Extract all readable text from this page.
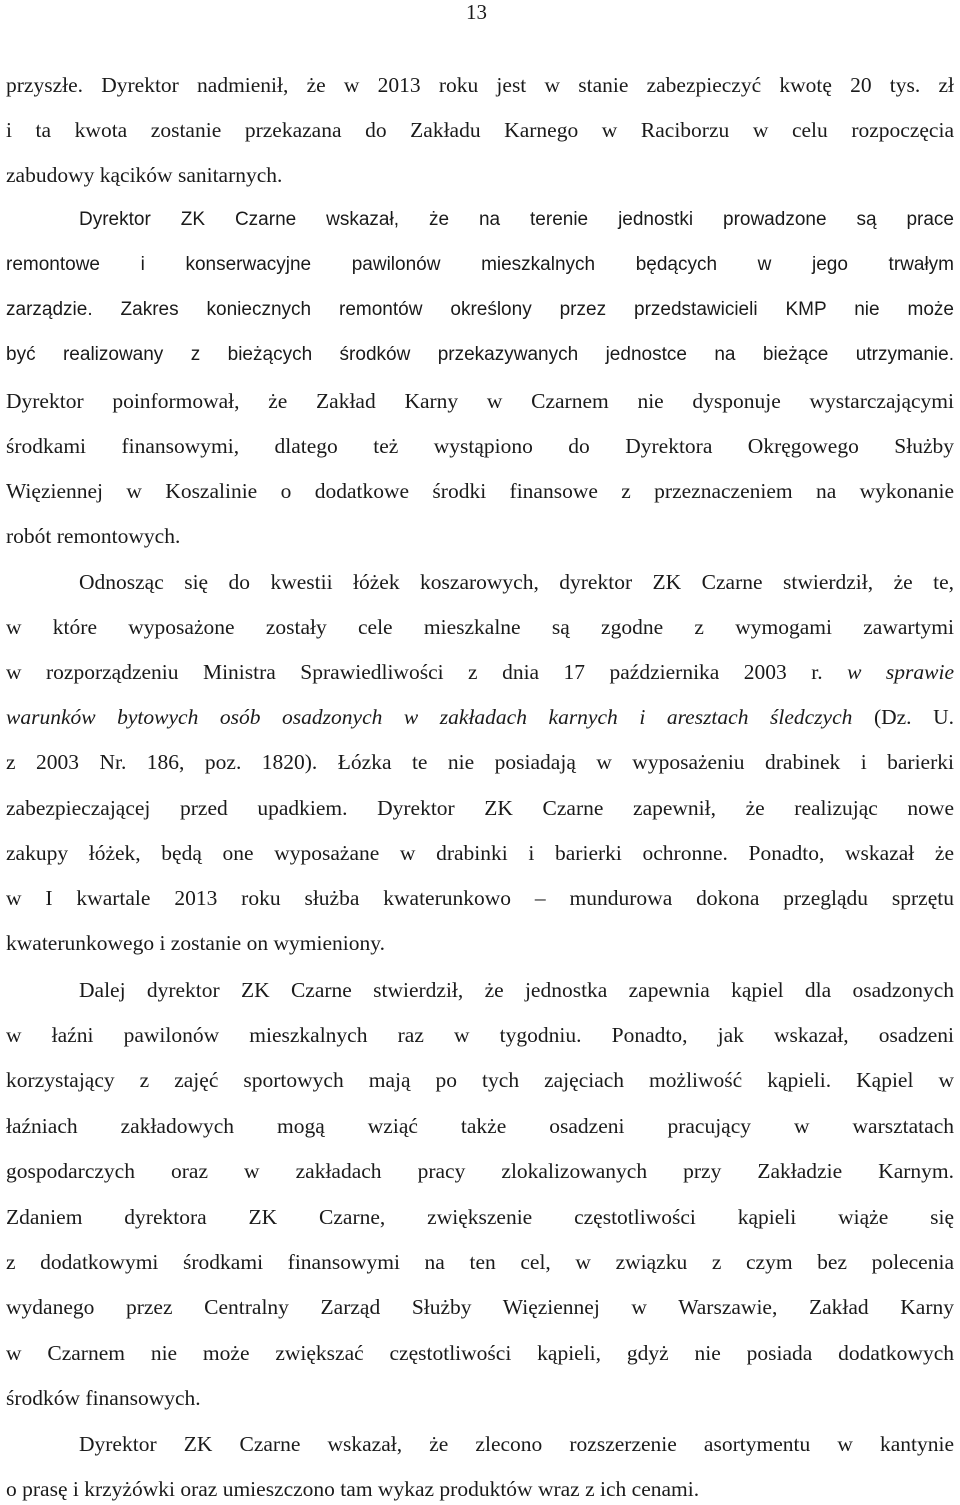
13
przyszłe. Dyrektor nadmienił, że w 2013 roku jest w stanie zabezpieczyć kwotę 20 tys. zł
i ta kwota zostanie przekazana do Zakładu Karnego w Raciborzu w celu rozpoczęcia
zabudowy kącików sanitarnych.
Dyrektor ZK Czarne wskazał, że na terenie jednostki prowadzone są prace
remontowe i konserwacyjne pawilonów mieszkalnych będących w jego trwałym
zarządzie. Zakres koniecznych remontów określony przez przedstawicieli KMP nie może
być realizowany z bieżących środków przekazywanych jednostce na bieżące utrzymanie.
Dyrektor poinformował, że Zakład Karny w Czarnem nie dysponuje wystarczającymi
środkami finansowymi, dlatego też wystąpiono do Dyrektora Okręgowego Służby
Więziennej w Koszalinie o dodatkowe środki finansowe z przeznaczeniem na wykonanie
robót remontowych.
Odnosząc się do kwestii łóżek koszarowych, dyrektor ZK Czarne stwierdził, że te,
w które wyposażone zostały cele mieszkalne są zgodne z wymogami zawartymi
w rozporządzeniu Ministra Sprawiedliwości z dnia 17 października 2003 r. w sprawie
warunków bytowych osób osadzonych w zakładach karnych i aresztach śledczych (Dz. U.
z 2003 Nr. 186, poz. 1820). Łózka te nie posiadają w wyposażeniu drabinek i barierki
zabezpieczającej przed upadkiem. Dyrektor ZK Czarne zapewnił, że realizując nowe
zakupy łóżek, będą one wyposażane w drabinki i barierki ochronne. Ponadto, wskazał że
w I kwartale 2013 roku służba kwaterunkowo – mundurowa dokona przeglądu sprzętu
kwaterunkowego i zostanie on wymieniony.
Dalej dyrektor ZK Czarne stwierdził, że jednostka zapewnia kąpiel dla osadzonych
w łaźni pawilonów mieszkalnych raz w tygodniu. Ponadto, jak wskazał, osadzeni
korzystający z zajęć sportowych mają po tych zajęciach możliwość kąpieli. Kąpiel w
łaźniach zakładowych mogą wziąć także osadzeni pracujący w warsztatach
gospodarczych oraz w zakładach pracy zlokalizowanych przy Zakładzie Karnym.
Zdaniem dyrektora ZK Czarne, zwiększenie częstotliwości kąpieli wiąże się
z dodatkowymi środkami finansowymi na ten cel, w związku z czym bez polecenia
wydanego przez Centralny Zarząd Służby Więziennej w Warszawie, Zakład Karny
w Czarnem nie może zwiększać częstotliwości kąpieli, gdyż nie posiada dodatkowych
środków finansowych.
Dyrektor ZK Czarne wskazał, że zlecono rozszerzenie asortymentu w kantynie
o prasę i krzyżówki oraz umieszczono tam wykaz produktów wraz z ich cenami.
